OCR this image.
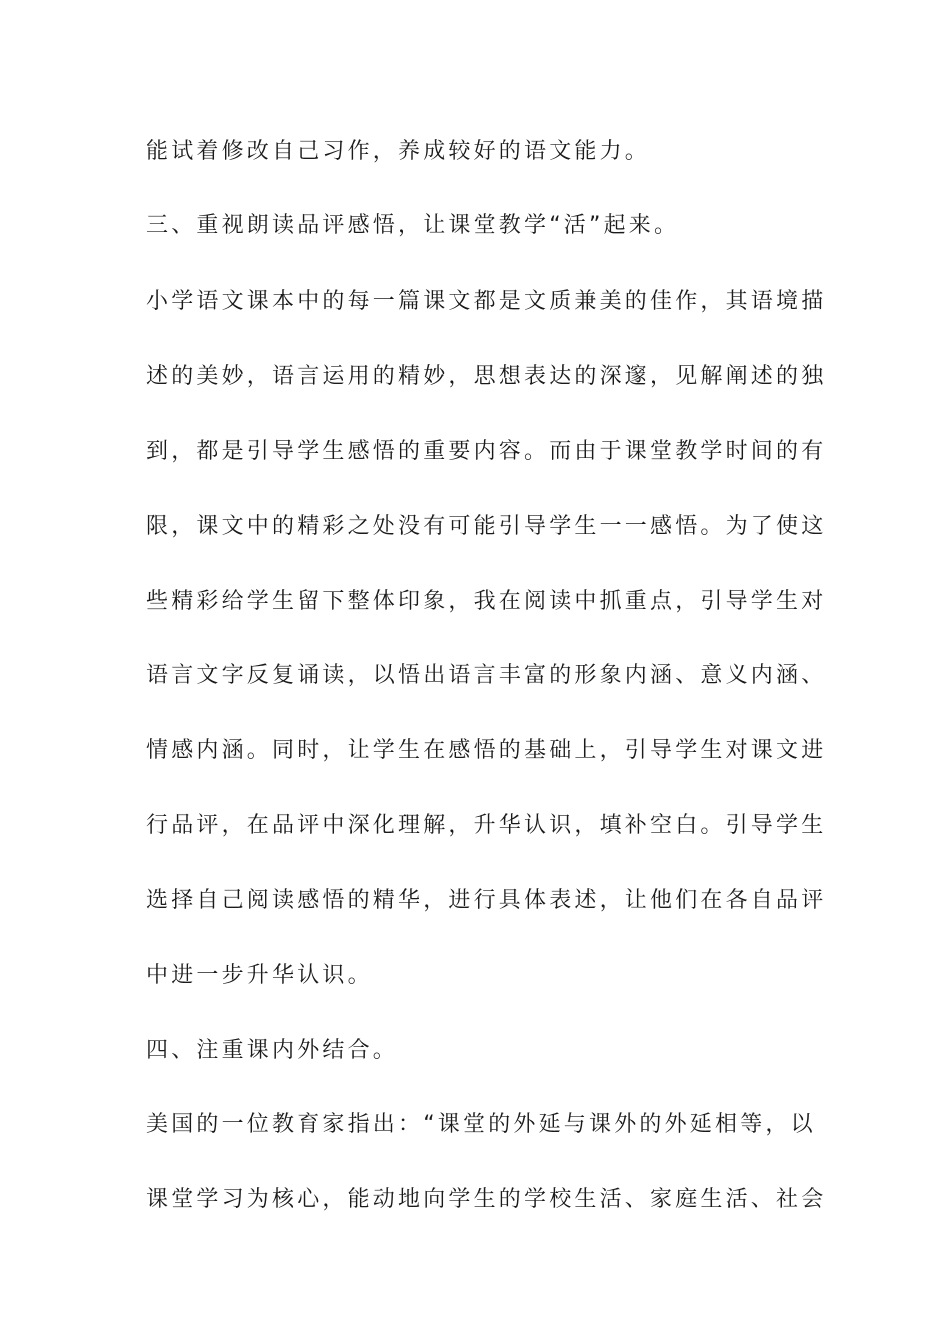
能试着修改自己习作，养成较好的语文能力。
三、重视朗读品评感悟，让课堂教学“活”起来。
小学语文课本中的每一篇课文都是文质兼美的佳作，其语境描
述的美妙，语言运用的精妙，思想表达的深邃，见解阐述的独
到，都是引导学生感悟的重要内容。而由于课堂教学时间的有
限，课文中的精彩之处没有可能引导学生一一感悟。为了使这
些精彩给学生留下整体印象，我在阅读中抓重点，引导学生对
语言文字反复诵读，以悟出语言丰富的形象内涵、意义内涵、
情感内涵。同时，让学生在感悟的基础上，引导学生对课文进
行品评，在品评中深化理解，升华认识，填补空白。引导学生
选择自己阅读感悟的精华，进行具体表述，让他们在各自品评
中进一步升华认识。
四、注重课内外结合。
美国的一位教育家指出：“课堂的外延与课外的外延相等，以
课堂学习为核心，能动地向学生的学校生活、家庭生活、社会
